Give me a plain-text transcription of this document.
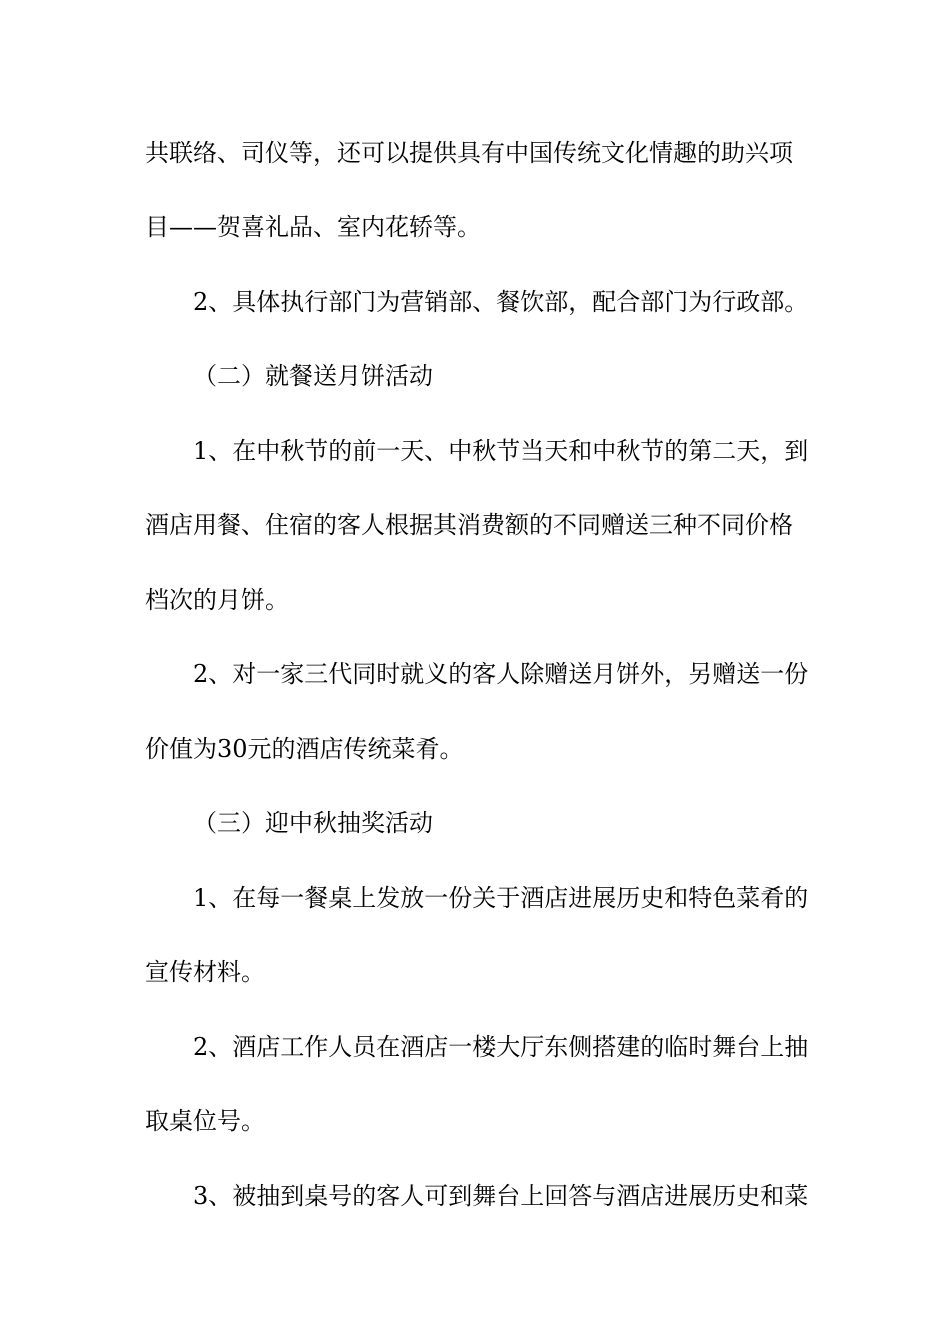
共联络、司仪等，还可以提供具有中国传统文化情趣的助兴项
目——贺喜礼品、室内花轿等。
2、具体执行部门为营销部、餐饮部，配合部门为行政部。
（二）就餐送月饼活动
1、在中秋节的前一天、中秋节当天和中秋节的第二天，到
酒店用餐、住宿的客人根据其消费额的不同赠送三种不同价格
档次的月饼。
2、对一家三代同时就义的客人除赠送月饼外，另赠送一份
价值为30元的酒店传统菜肴。
（三）迎中秋抽奖活动
1、在每一餐桌上发放一份关于酒店进展历史和特色菜肴的
宣传材料。
2、酒店工作人员在酒店一楼大厅东侧搭建的临时舞台上抽
取桌位号。
3、被抽到桌号的客人可到舞台上回答与酒店进展历史和菜
